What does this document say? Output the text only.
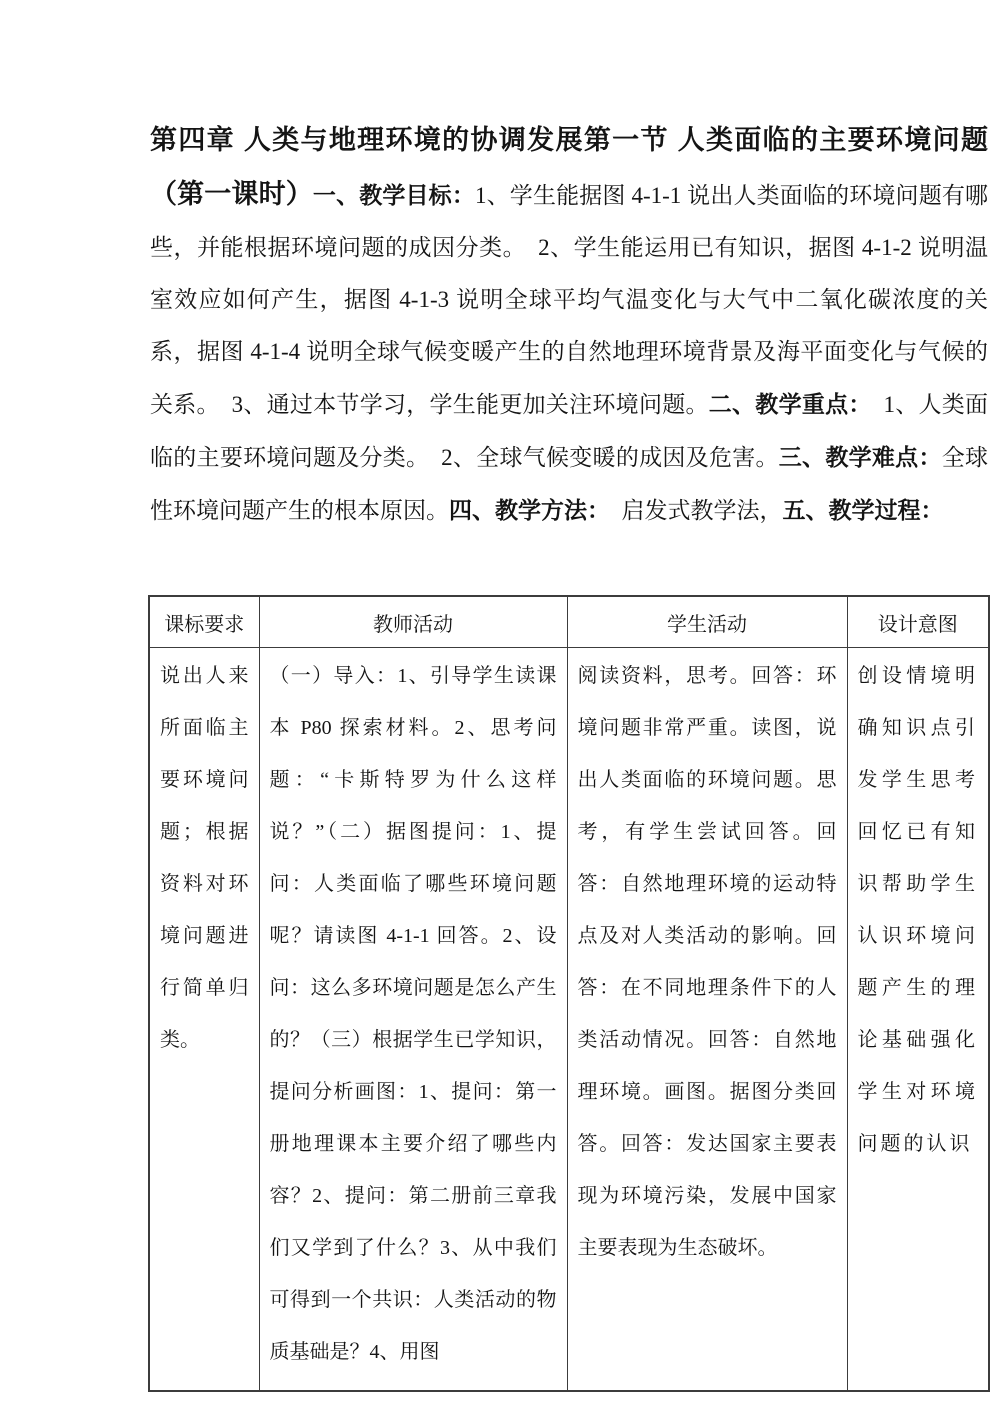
第四章 人类与地理环境的协调发展第一节 人类面临的主要环境问题（第一课时）一、教学目标：1、学生能据图 4-1-1 说出人类面临的环境问题有哪些，并能根据环境问题的成因分类。　2、学生能运用已有知识，据图 4-1-2 说明温室效应如何产生，据图 4-1-3 说明全球平均气温变化与大气中二氧化碳浓度的关系，据图 4-1-4 说明全球气候变暖产生的自然地理环境背景及海平面变化与气候的关系。　3、通过本节学习，学生能更加关注环境问题。二、教学重点：　1、人类面临的主要环境问题及分类。　2、全球气候变暖的成因及危害。三、教学难点：全球性环境问题产生的根本原因。四、教学方法：　启发式教学法，五、教学过程：
课标要求	教师活动	学生活动	设计意图
说出人来所面临主要环境问题；根据资料对环境问题进行简单归类。	（一）导入：1、引导学生读课本 P80 探索材料。2、思考问题：“卡斯特罗为什么这样说？”（二）据图提问：1、提问：人类面临了哪些环境问题呢？请读图 4-1-1 回答。2、设问：这么多环境问题是怎么产生的？（三）根据学生已学知识，提问分析画图：1、提问：第一册地理课本主要介绍了哪些内容？2、提问：第二册前三章我们又学到了什么？3、从中我们可得到一个共识：人类活动的物质基础是？4、用图	阅读资料，思考。回答：环境问题非常严重。读图，说出人类面临的环境问题。思考，有学生尝试回答。回答：自然地理环境的运动特点及对人类活动的影响。回答：在不同地理条件下的人类活动情况。回答：自然地理环境。画图。据图分类回答。回答：发达国家主要表现为环境污染，发展中国家主要表现为生态破坏。	创设情境明确知识点引发学生思考回忆已有知识帮助学生认识环境问题产生的理论基础强化学生对环境问题的认识
